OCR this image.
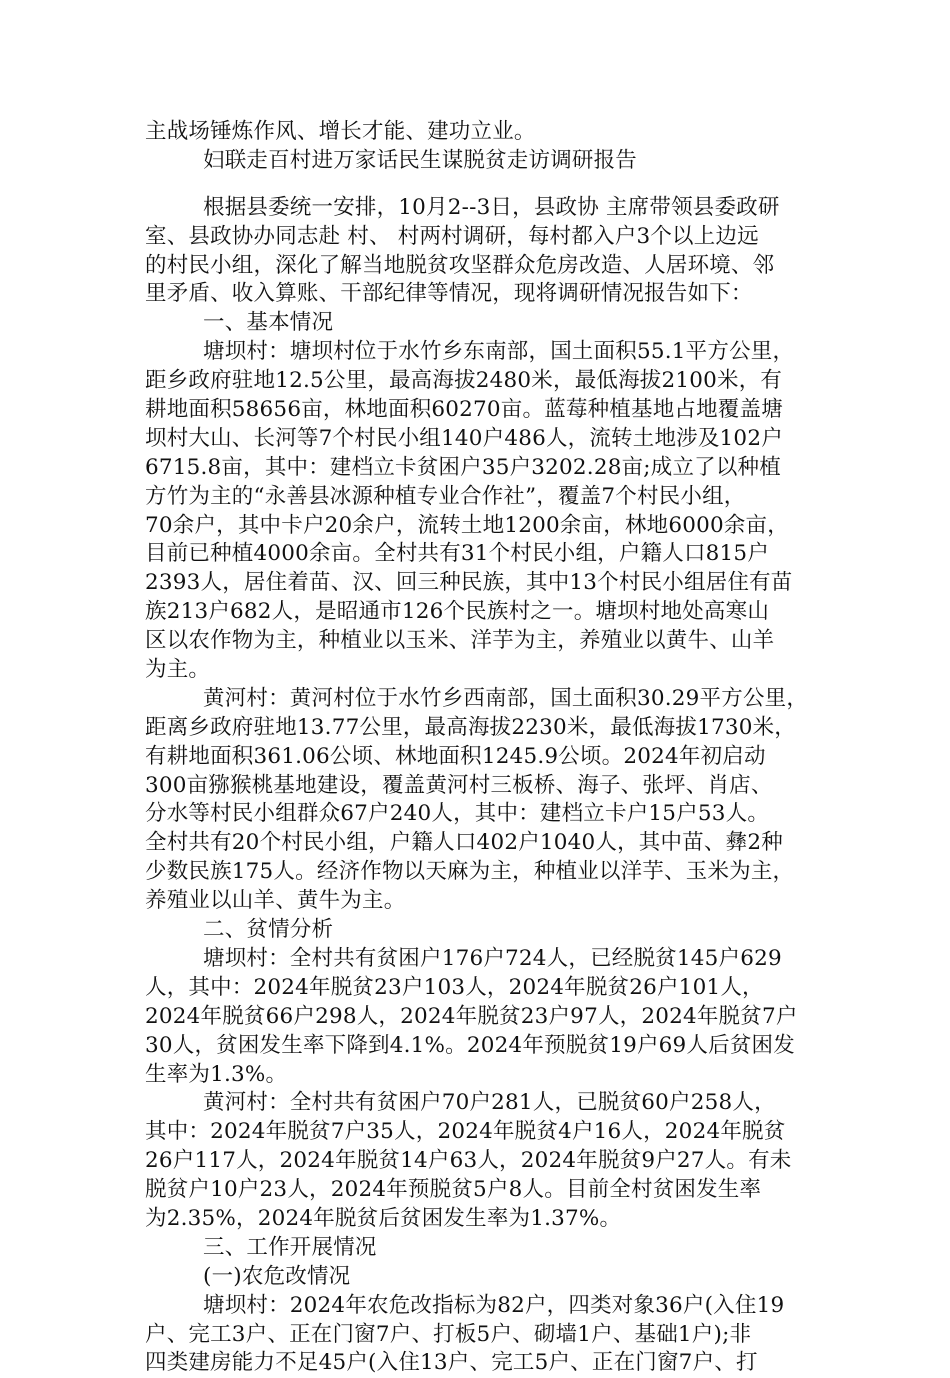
主战场锤炼作风、增长才能、建功立业。
妇联走百村进万家话民生谋脱贫走访调研报告
根据县委统一安排，10月2--3日，县政协 主席带领县委政研
室、县政协办同志赴 村、 村两村调研，每村都入户3个以上边远
的村民小组，深化了解当地脱贫攻坚群众危房改造、人居环境、邻
里矛盾、收入算账、干部纪律等情况，现将调研情况报告如下：
一、基本情况
塘坝村：塘坝村位于水竹乡东南部，国土面积55.1平方公里，
距乡政府驻地12.5公里，最高海拔2480米，最低海拔2100米，有
耕地面积58656亩，林地面积60270亩。蓝莓种植基地占地覆盖塘
坝村大山、长河等7个村民小组140户486人，流转土地涉及102户
6715.8亩，其中：建档立卡贫困户35户3202.28亩;成立了以种植
方竹为主的“永善县冰源种植专业合作社”，覆盖7个村民小组，
70余户，其中卡户20余户，流转土地1200余亩，林地6000余亩，
目前已种植4000余亩。全村共有31个村民小组，户籍人口815户
2393人，居住着苗、汉、回三种民族，其中13个村民小组居住有苗
族213户682人，是昭通市126个民族村之一。塘坝村地处高寒山
区以农作物为主，种植业以玉米、洋芋为主，养殖业以黄牛、山羊
为主。
黄河村：黄河村位于水竹乡西南部，国土面积30.29平方公里，
距离乡政府驻地13.77公里，最高海拔2230米，最低海拔1730米，
有耕地面积361.06公顷、林地面积1245.9公顷。2024年初启动
300亩猕猴桃基地建设，覆盖黄河村三板桥、海子、张坪、肖店、
分水等村民小组群众67户240人，其中：建档立卡户15户53人。
全村共有20个村民小组，户籍人口402户1040人，其中苗、彝2种
少数民族175人。经济作物以天麻为主，种植业以洋芋、玉米为主，
养殖业以山羊、黄牛为主。
二、贫情分析
塘坝村：全村共有贫困户176户724人，已经脱贫145户629
人，其中：2024年脱贫23户103人，2024年脱贫26户101人，
2024年脱贫66户298人，2024年脱贫23户97人，2024年脱贫7户
30人，贫困发生率下降到4.1%。2024年预脱贫19户69人后贫困发
生率为1.3%。
黄河村：全村共有贫困户70户281人，已脱贫60户258人，
其中：2024年脱贫7户35人，2024年脱贫4户16人，2024年脱贫
26户117人，2024年脱贫14户63人，2024年脱贫9户27人。有未
脱贫户10户23人，2024年预脱贫5户8人。目前全村贫困发生率
为2.35%，2024年脱贫后贫困发生率为1.37%。
三、工作开展情况
(一)农危改情况
塘坝村：2024年农危改指标为82户，四类对象36户(入住19
户、完工3户、正在门窗7户、打板5户、砌墙1户、基础1户);非
四类建房能力不足45户(入住13户、完工5户、正在门窗7户、打
